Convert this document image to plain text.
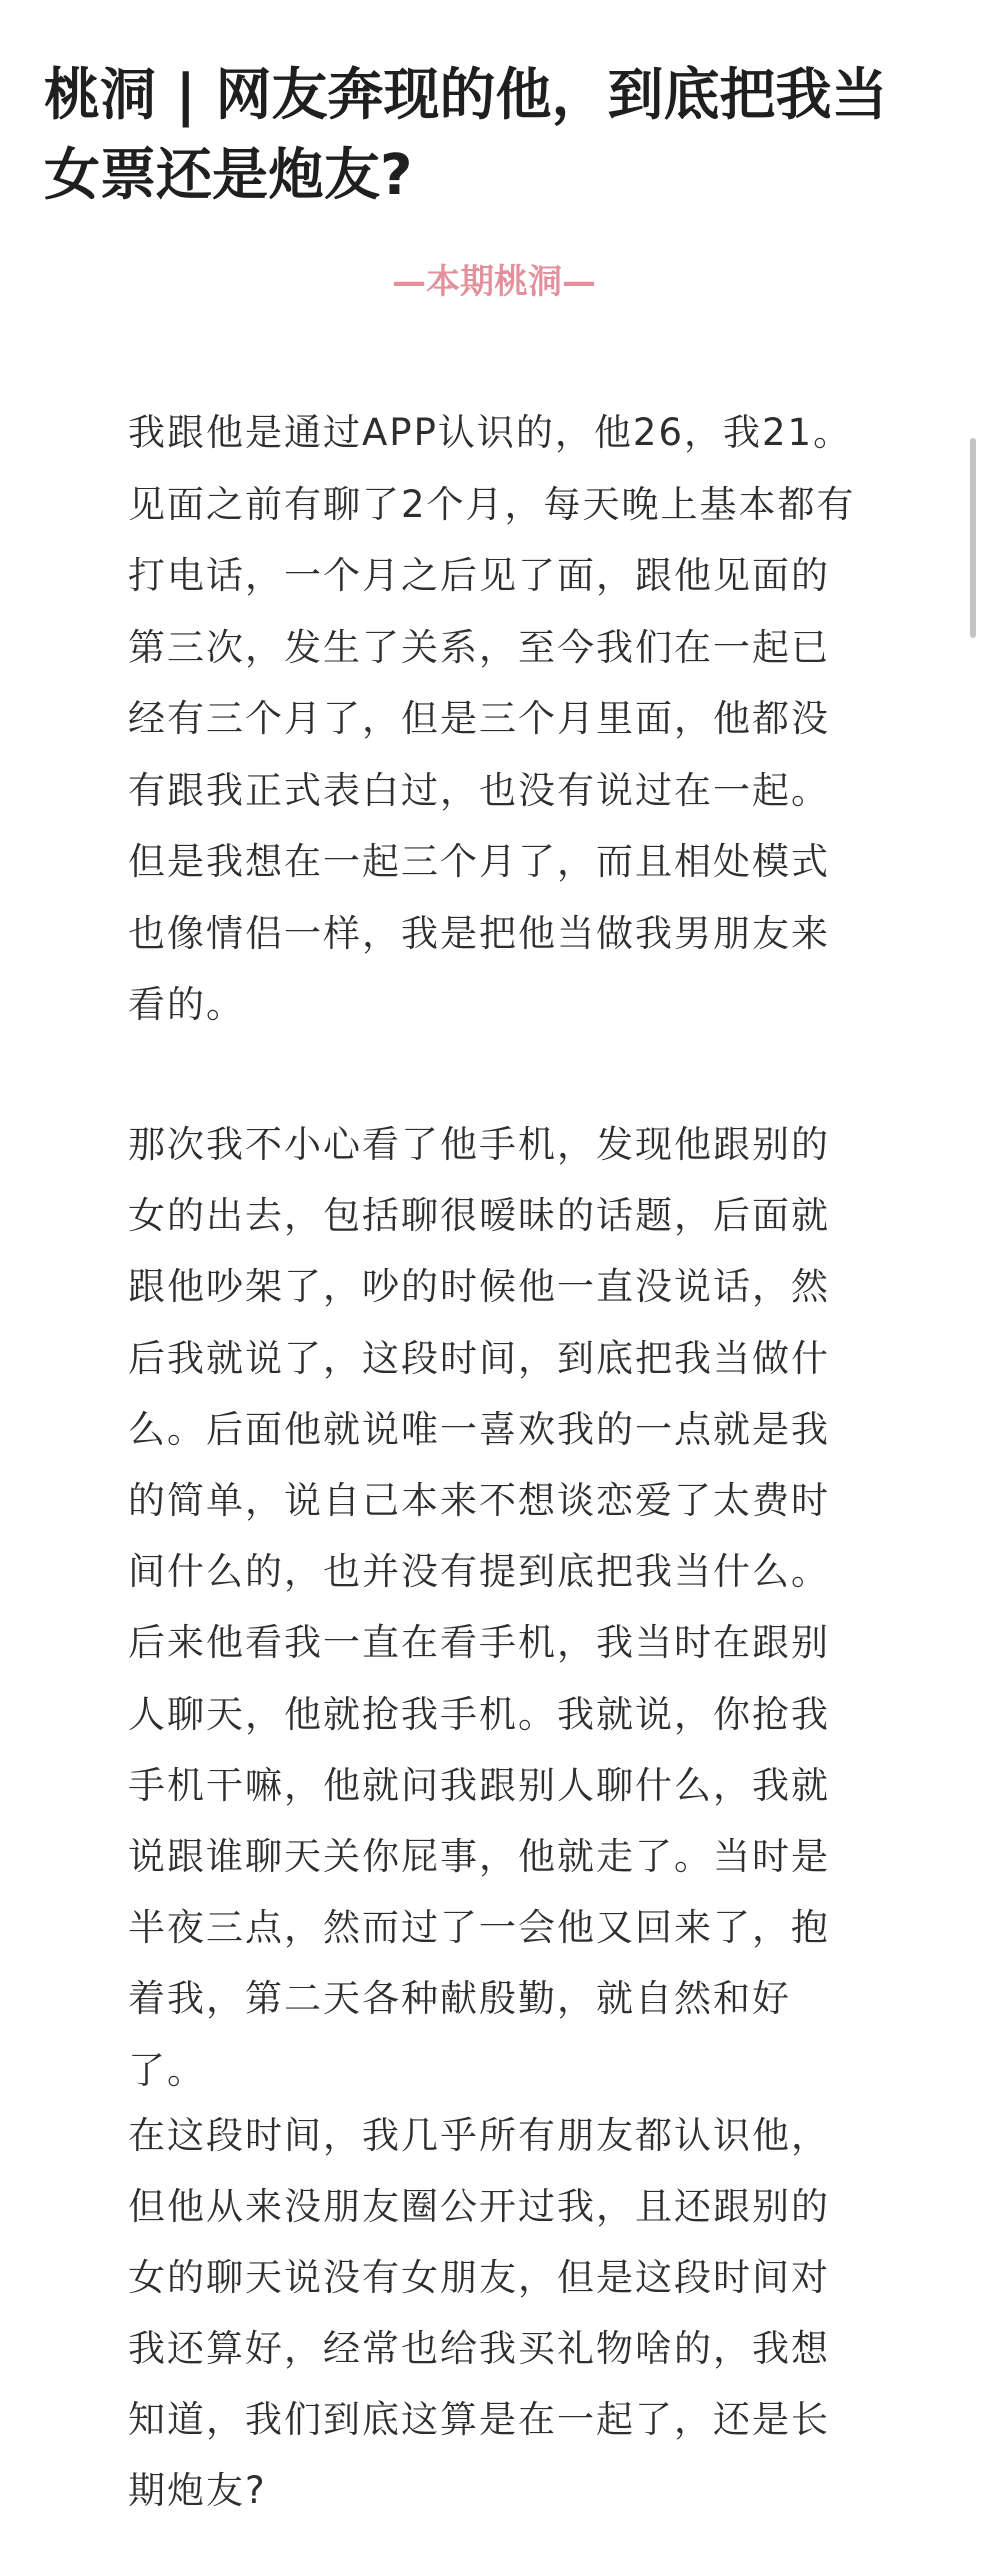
桃洞 | 网友奔现的他，到底把我当
女票还是炮友?
—本期桃洞—
我跟他是通过APP认识的，他26，我21。
见面之前有聊了2个月，每天晚上基本都有
打电话，一个月之后见了面，跟他见面的
第三次，发生了关系，至今我们在一起已
经有三个月了，但是三个月里面，他都没
有跟我正式表白过，也没有说过在一起。
但是我想在一起三个月了，而且相处模式
也像情侣一样，我是把他当做我男朋友来
看的。
那次我不小心看了他手机，发现他跟别的
女的出去，包括聊很暧昧的话题，后面就
跟他吵架了，吵的时候他一直没说话，然
后我就说了，这段时间，到底把我当做什
么。后面他就说唯一喜欢我的一点就是我
的简单，说自己本来不想谈恋爱了太费时
间什么的，也并没有提到底把我当什么。
后来他看我一直在看手机，我当时在跟别
人聊天，他就抢我手机。我就说，你抢我
手机干嘛，他就问我跟别人聊什么，我就
说跟谁聊天关你屁事，他就走了。当时是
半夜三点，然而过了一会他又回来了，抱
着我，第二天各种献殷勤，就自然和好
了。
在这段时间，我几乎所有朋友都认识他，
但他从来没朋友圈公开过我，且还跟别的
女的聊天说没有女朋友，但是这段时间对
我还算好，经常也给我买礼物啥的，我想
知道，我们到底这算是在一起了，还是长
期炮友?
